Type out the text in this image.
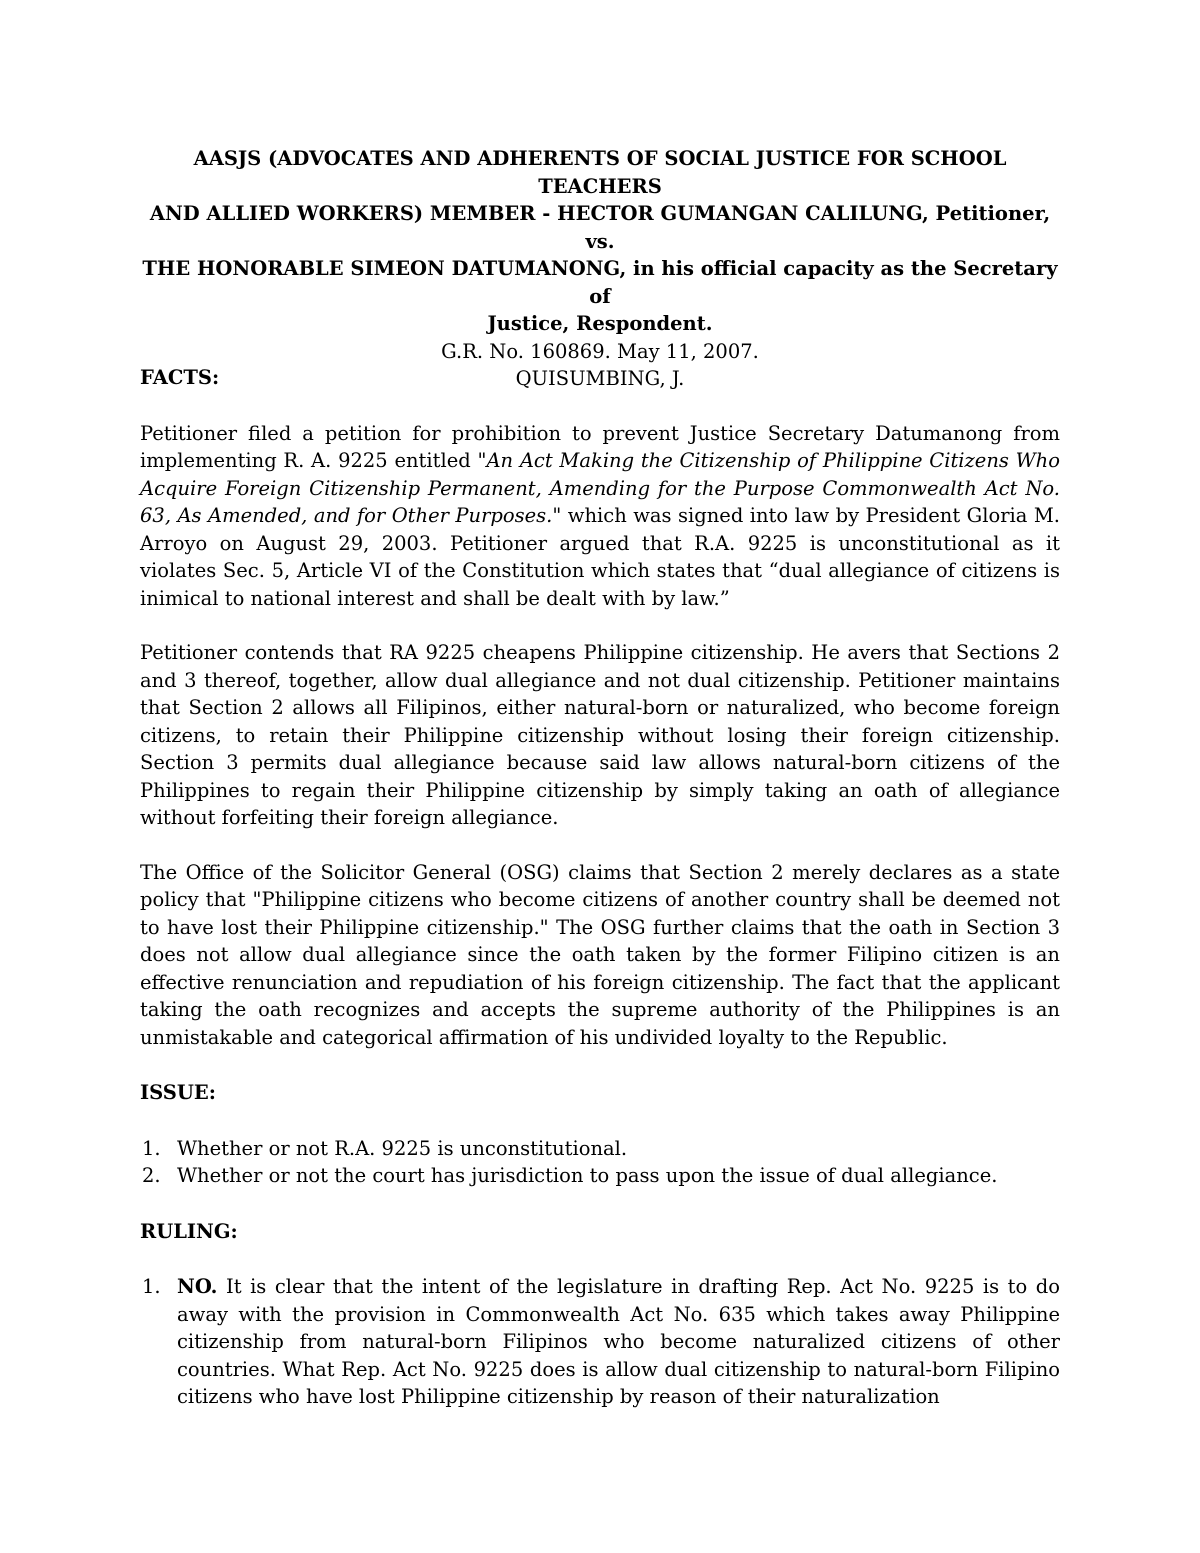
AASJS (ADVOCATES AND ADHERENTS OF SOCIAL JUSTICE FOR SCHOOL TEACHERS
AND ALLIED WORKERS) MEMBER - HECTOR GUMANGAN CALILUNG, Petitioner, vs.
THE HONORABLE SIMEON DATUMANONG, in his official capacity as the Secretary of
Justice, Respondent.
G.R. No. 160869. May 11, 2007.
QUISUMBING, J.

FACTS:

Petitioner filed a petition for prohibition to prevent Justice Secretary Datumanong from implementing R. A. 9225 entitled "An Act Making the Citizenship of Philippine Citizens Who Acquire Foreign Citizenship Permanent, Amending for the Purpose Commonwealth Act No. 63, As Amended, and for Other Purposes." which was signed into law by President Gloria M. Arroyo on August 29, 2003. Petitioner argued that R.A. 9225 is unconstitutional as it violates Sec. 5, Article VI of the Constitution which states that “dual allegiance of citizens is inimical to national interest and shall be dealt with by law.”

Petitioner contends that RA 9225 cheapens Philippine citizenship. He avers that Sections 2 and 3 thereof, together, allow dual allegiance and not dual citizenship. Petitioner maintains that Section 2 allows all Filipinos, either natural-born or naturalized, who become foreign citizens, to retain their Philippine citizenship without losing their foreign citizenship. Section 3 permits dual allegiance because said law allows natural-born citizens of the Philippines to regain their Philippine citizenship by simply taking an oath of allegiance without forfeiting their foreign allegiance.

The Office of the Solicitor General (OSG) claims that Section 2 merely declares as a state policy that "Philippine citizens who become citizens of another country shall be deemed not to have lost their Philippine citizenship." The OSG further claims that the oath in Section 3 does not allow dual allegiance since the oath taken by the former Filipino citizen is an effective renunciation and repudiation of his foreign citizenship. The fact that the applicant taking the oath recognizes and accepts the supreme authority of the Philippines is an unmistakable and categorical affirmation of his undivided loyalty to the Republic.

ISSUE:

1. Whether or not R.A. 9225 is unconstitutional.
2. Whether or not the court has jurisdiction to pass upon the issue of dual allegiance.

RULING:

1. NO. It is clear that the intent of the legislature in drafting Rep. Act No. 9225 is to do away with the provision in Commonwealth Act No. 635 which takes away Philippine citizenship from natural-born Filipinos who become naturalized citizens of other countries. What Rep. Act No. 9225 does is allow dual citizenship to natural-born Filipino citizens who have lost Philippine citizenship by reason of their naturalization
